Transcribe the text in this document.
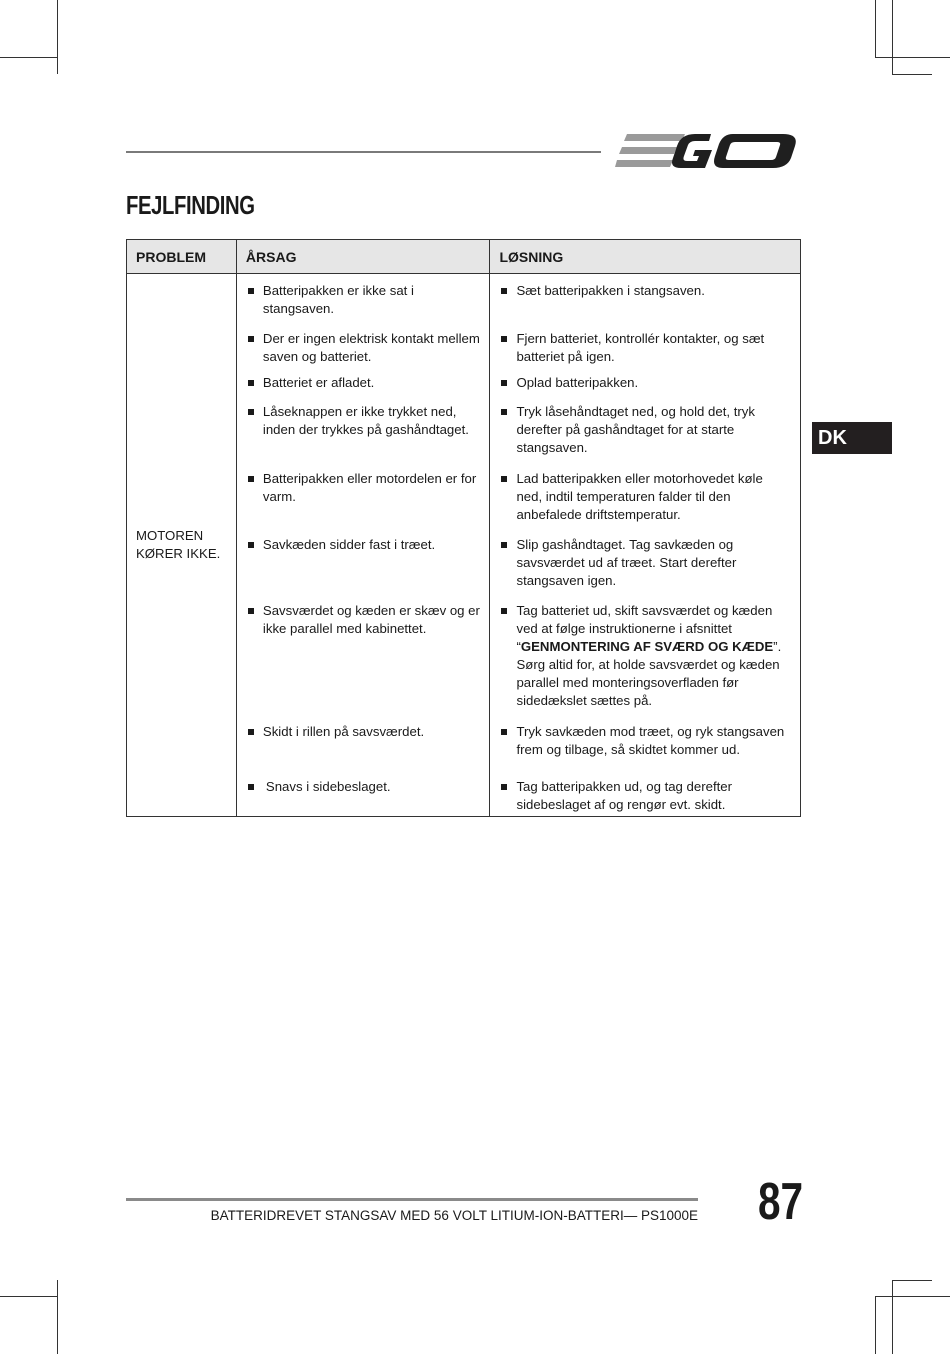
FEJLFINDING
DK
PROBLEM	ÅRSAG	LØSNING

MOTOREN
KØRER IKKE.	Batteripakken er ikke sat i stangsaven.	Sæt batteripakken i stangsaven.

	Der er ingen elektrisk kontakt mellem saven og batteriet.	Fjern batteriet, kontrollér kontakter, og sæt batteriet på igen.

	Batteriet er afladet.	Oplad batteripakken.

	Låseknappen er ikke trykket ned, inden der trykkes på gashåndtaget.	Tryk låsehåndtaget ned, og hold det, tryk derefter på gashåndtaget for at starte stangsaven.

	Batteripakken eller motordelen er for varm.	Lad batteripakken eller motorhovedet køle ned, indtil temperaturen falder til den anbefalede driftstemperatur.

	Savkæden sidder fast i træet.	Slip gashåndtaget. Tag savkæden og savsværdet ud af træet. Start derefter stangsaven igen.

	Savsværdet og kæden er skæv og er ikke parallel med kabinettet.	Tag batteriet ud, skift savsværdet og kæden ved at følge instruktionerne i afsnittet “GENMONTERING AF SVÆRD OG KÆDE”. Sørg altid for, at holde savsværdet og kæden parallel med monteringsoverfladen før sidedækslet sættes på.

	Skidt i rillen på savsværdet.	Tryk savkæden mod træet, og ryk stangsaven frem og tilbage, så skidtet kommer ud.

	Snavs i sidebeslaget.	Tag batteripakken ud, og tag derefter sidebeslaget af og rengør evt. skidt.
BATTERIDREVET STANGSAV MED 56 VOLT LITIUM-ION-BATTERI— PS1000E 87
